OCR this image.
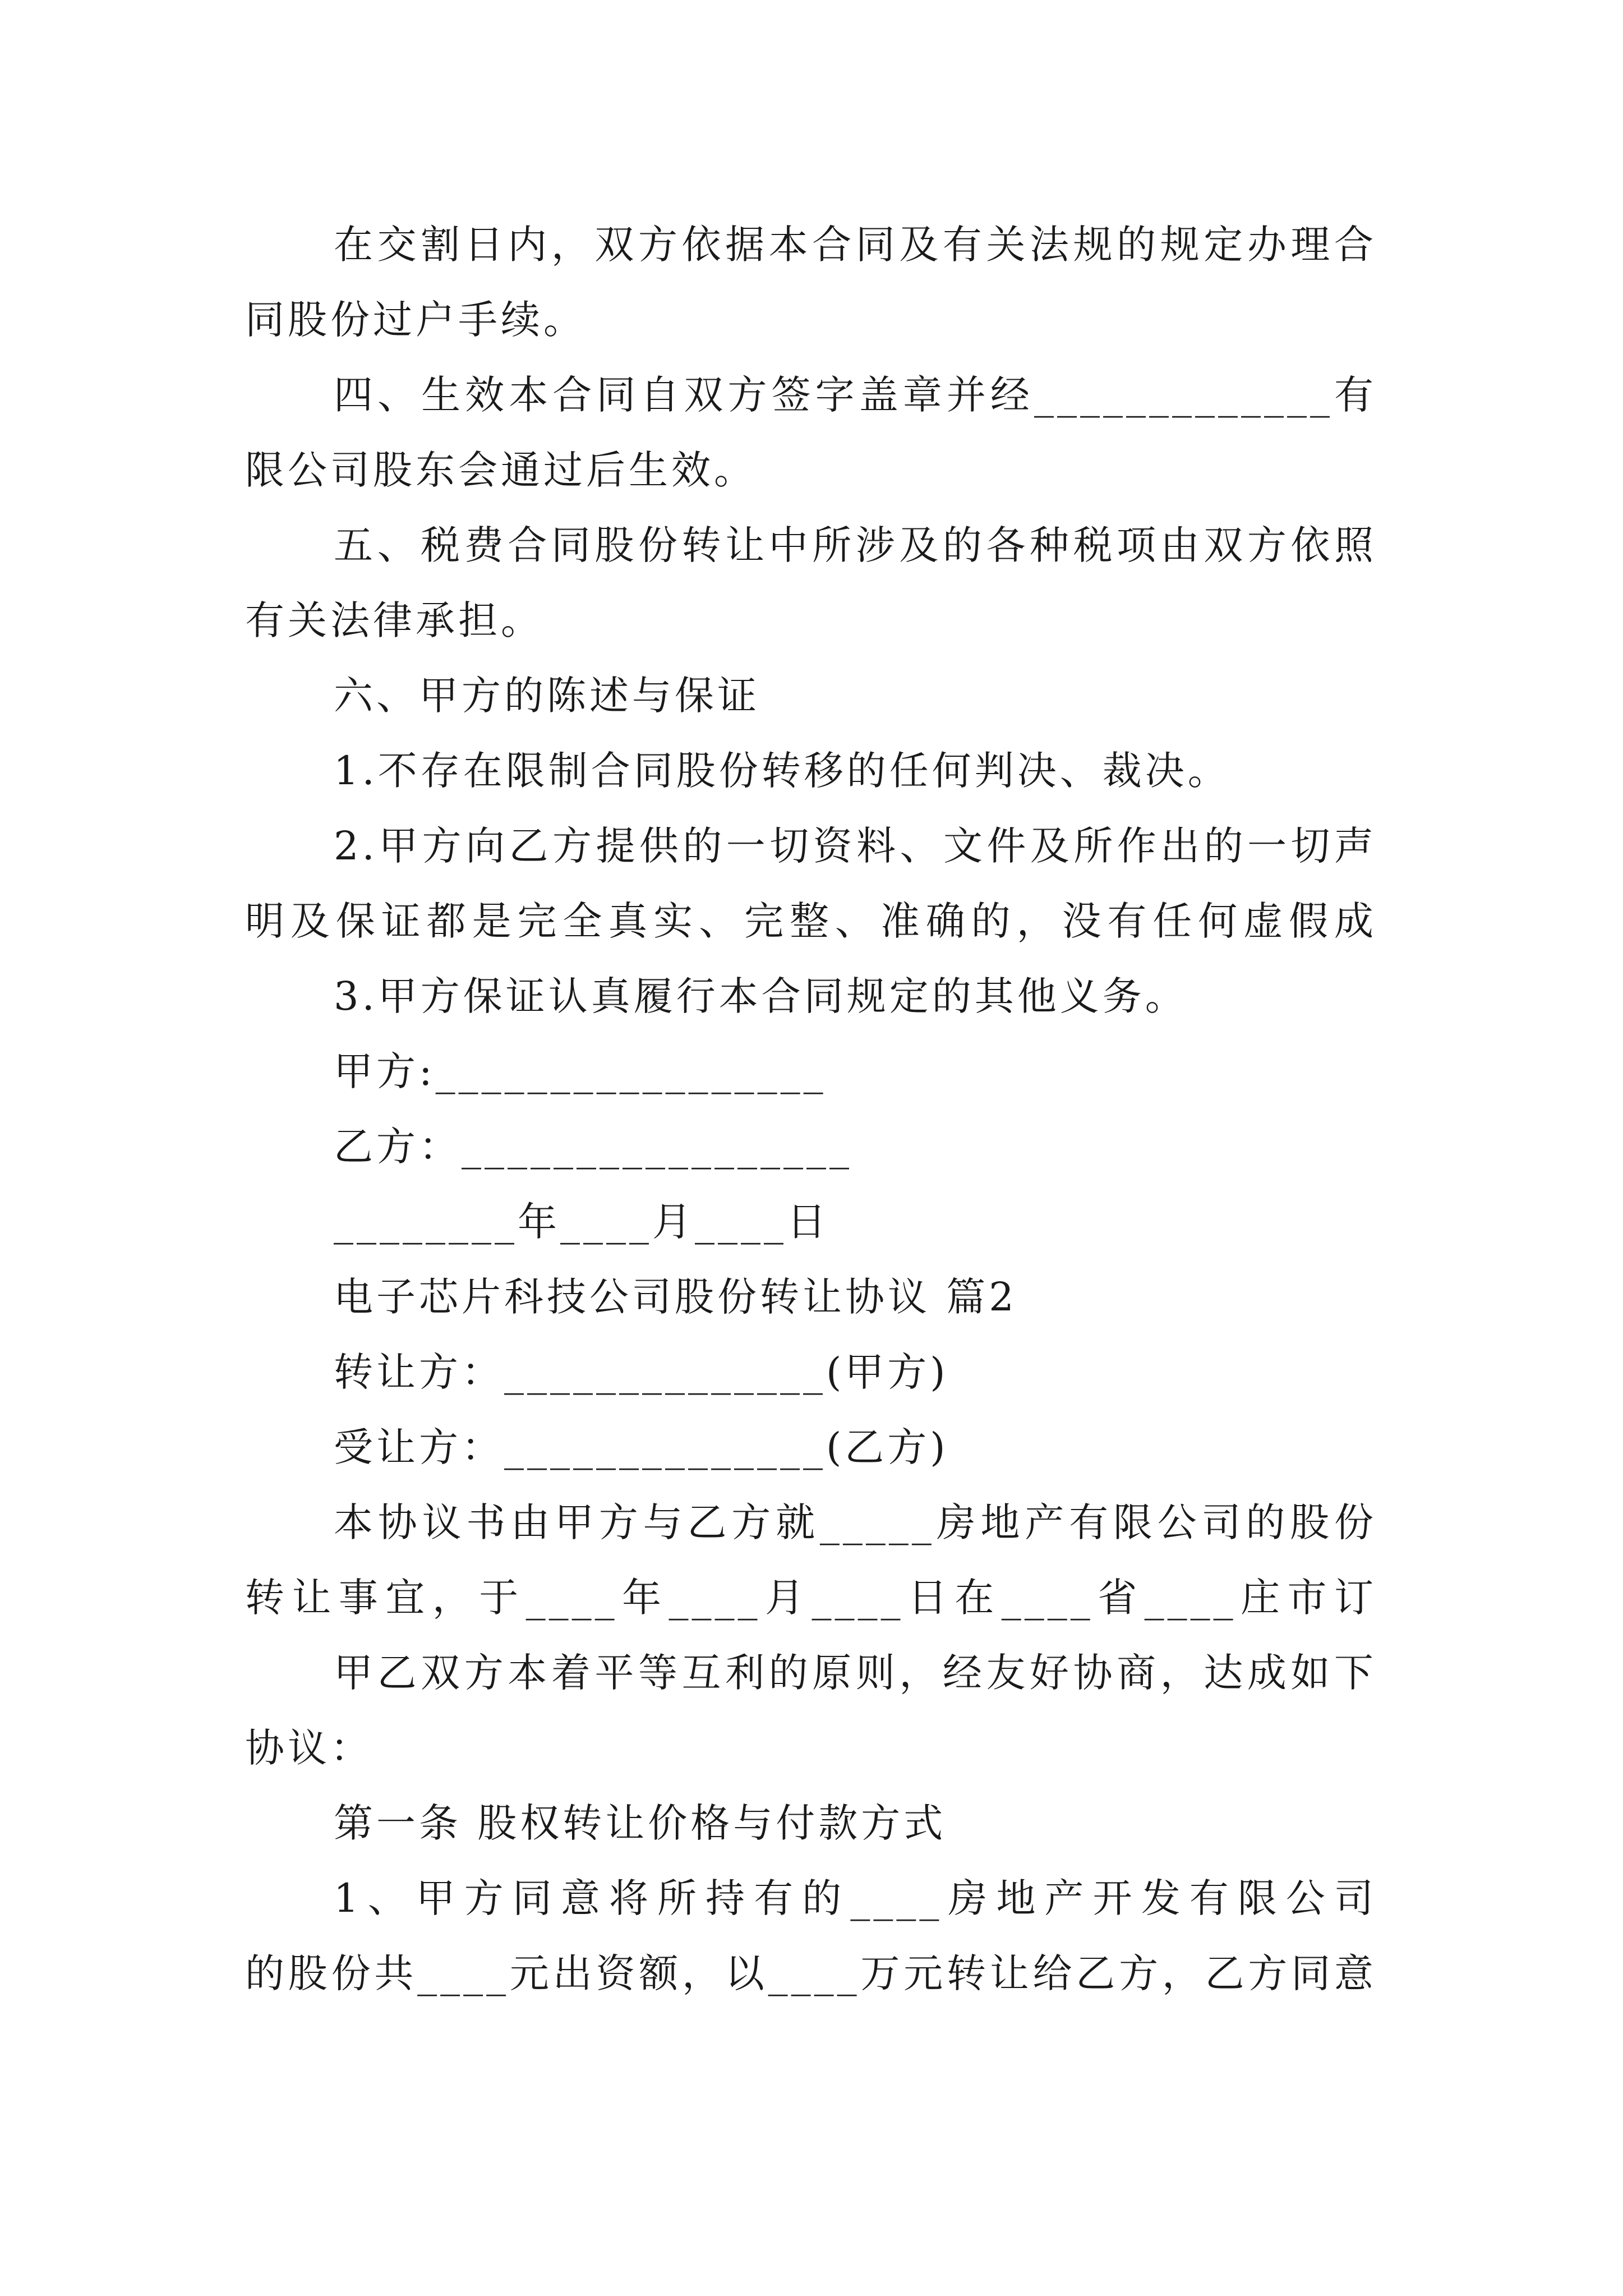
在交割日内，双方依据本合同及有关法规的规定办理合
同股份过户手续。
四、生效本合同自双方签字盖章并经_____________有
限公司股东会通过后生效。
五、税费合同股份转让中所涉及的各种税项由双方依照
有关法律承担。
六、甲方的陈述与保证
1.不存在限制合同股份转移的任何判决、裁决。
2.甲方向乙方提供的一切资料、文件及所作出的一切声
明及保证都是完全真实、完整、准确的，没有任何虚假成
3.甲方保证认真履行本合同规定的其他义务。
甲方:_________________
乙方：_________________
________年____月____日
电子芯片科技公司股份转让协议 篇2
转让方：______________(甲方)
受让方：______________(乙方)
本协议书由甲方与乙方就_____房地产有限公司的股份
转让事宜，于____年____月____日在____省____庄市订
甲乙双方本着平等互利的原则，经友好协商，达成如下
协议：
第一条 股权转让价格与付款方式
1、甲方同意将所持有的____房地产开发有限公司
的股份共____元出资额，以____万元转让给乙方，乙方同意
